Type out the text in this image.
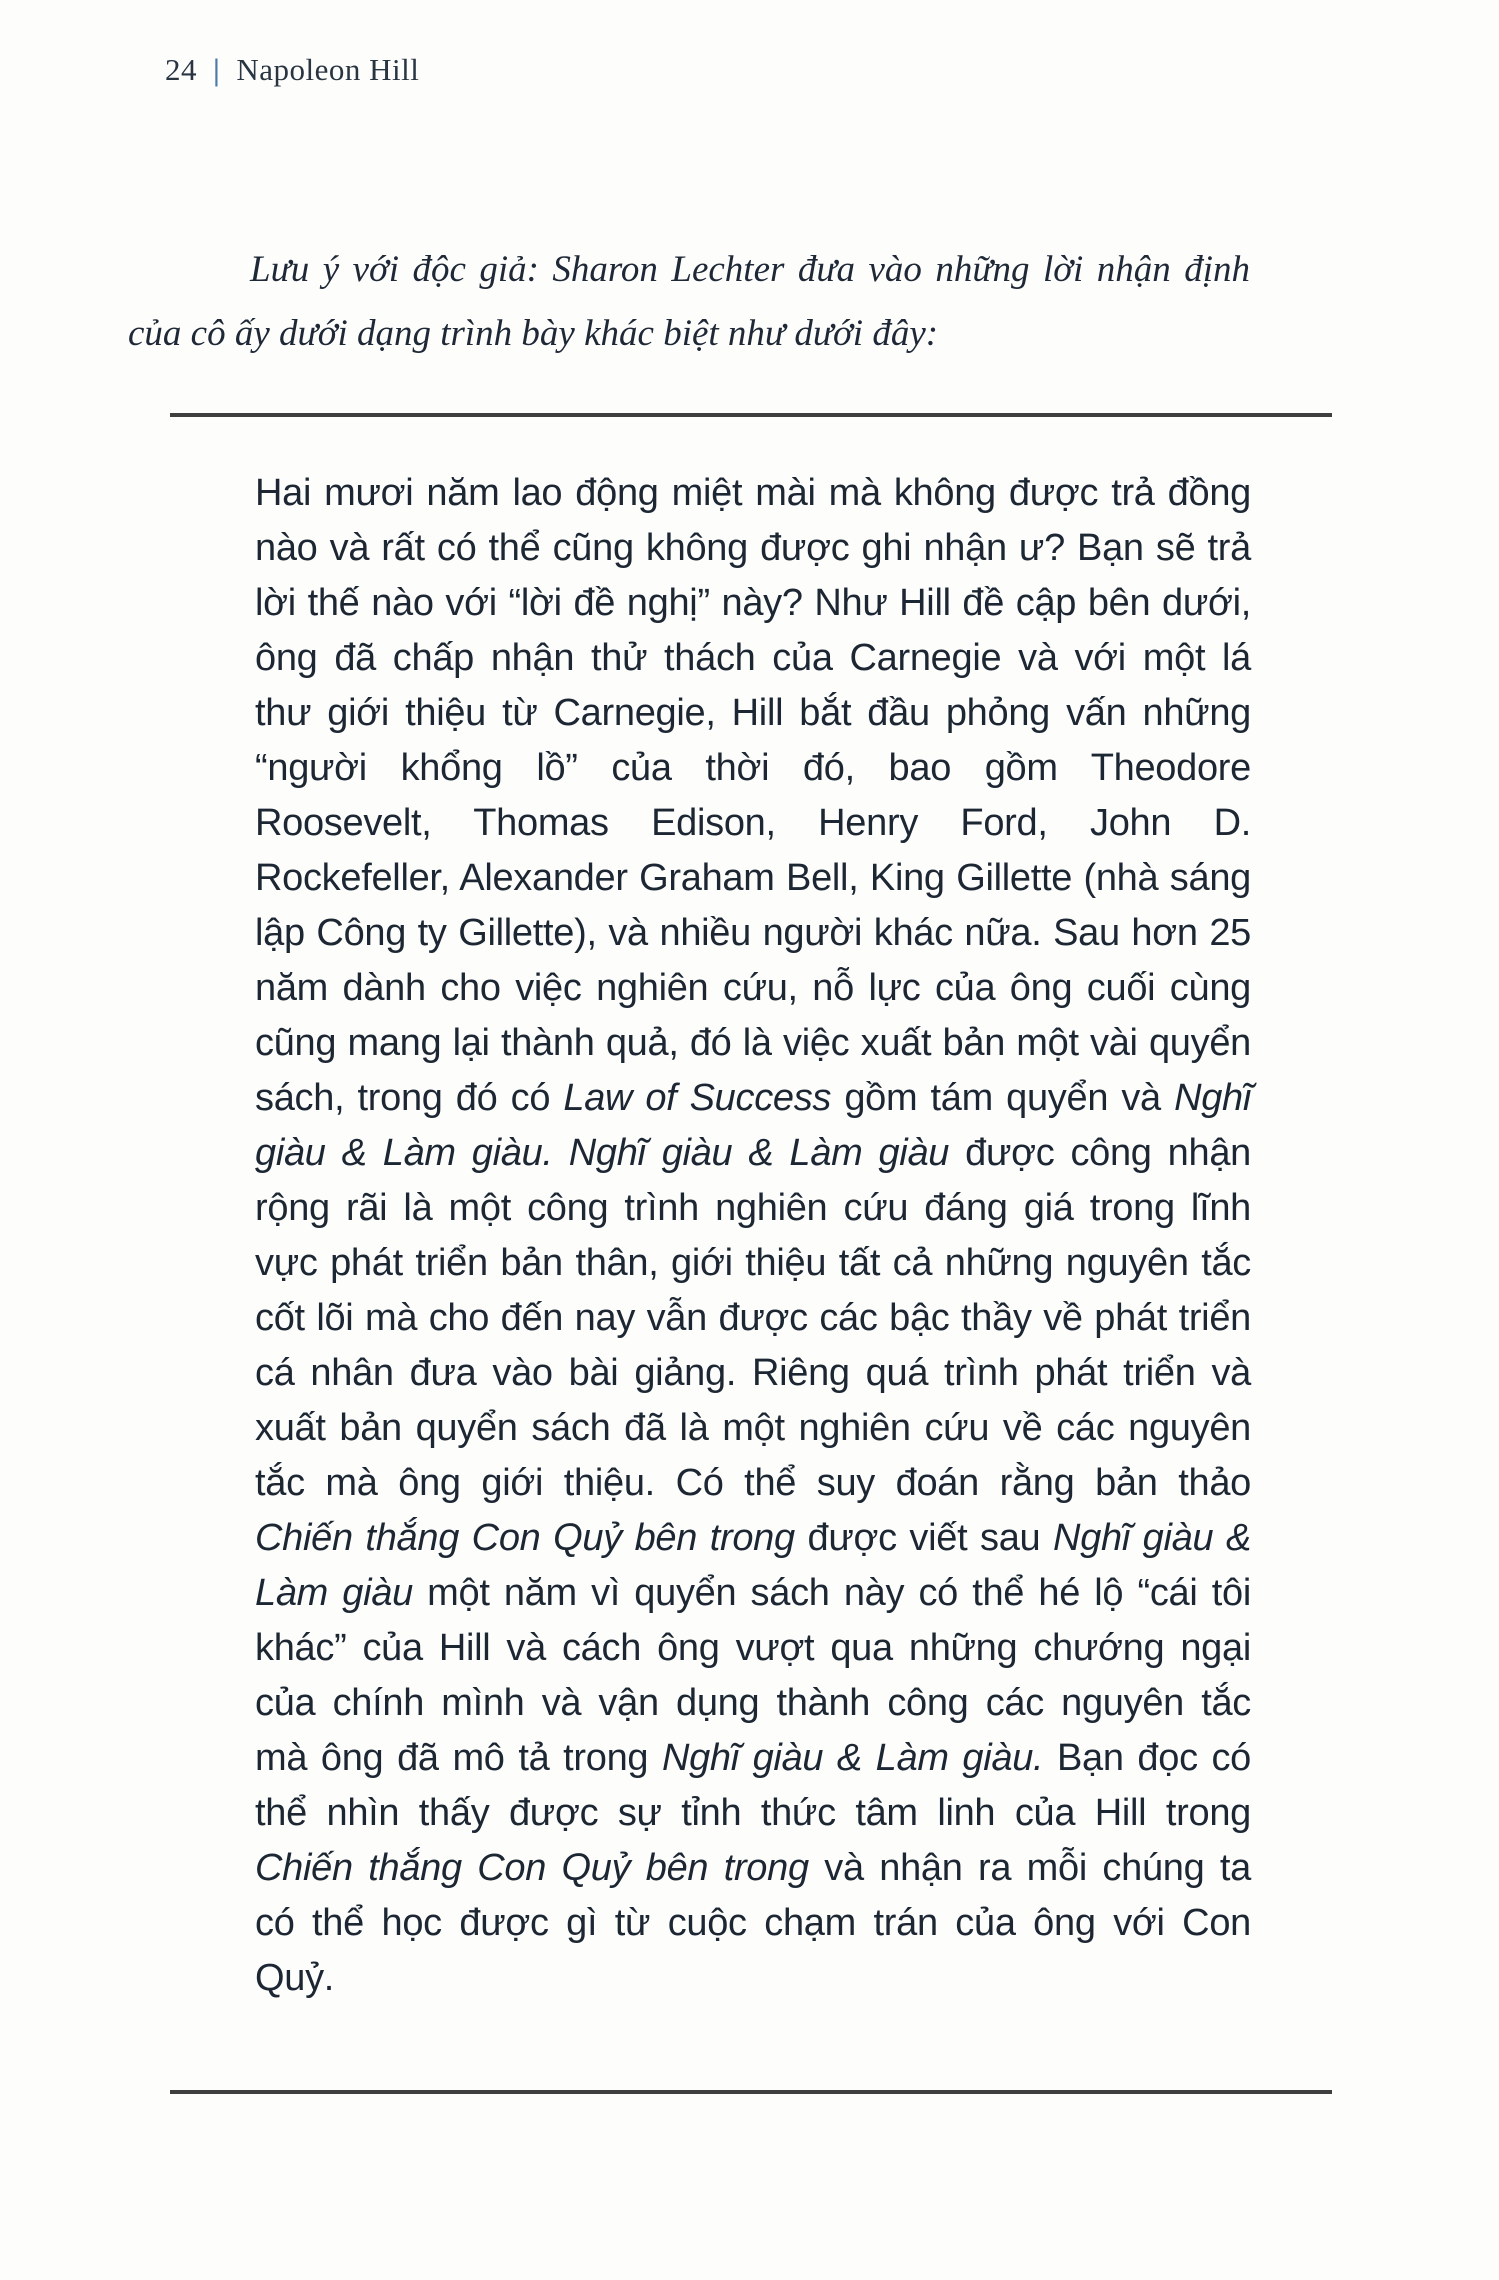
24 | Napoleon Hill

Lưu ý với độc giả: Sharon Lechter đưa vào những lời nhận định của cô ấy dưới dạng trình bày khác biệt như dưới đây:

Hai mươi năm lao động miệt mài mà không được trả đồng nào và rất có thể cũng không được ghi nhận ư? Bạn sẽ trả lời thế nào với “lời đề nghị” này? Như Hill đề cập bên dưới, ông đã chấp nhận thử thách của Carnegie và với một lá thư giới thiệu từ Carnegie, Hill bắt đầu phỏng vấn những “người khổng lồ” của thời đó, bao gồm Theodore Roosevelt, Thomas Edison, Henry Ford, John D. Rockefeller, Alexander Graham Bell, King Gillette (nhà sáng lập Công ty Gillette), và nhiều người khác nữa. Sau hơn 25 năm dành cho việc nghiên cứu, nỗ lực của ông cuối cùng cũng mang lại thành quả, đó là việc xuất bản một vài quyển sách, trong đó có Law of Success gồm tám quyển và Nghĩ giàu & Làm giàu. Nghĩ giàu & Làm giàu được công nhận rộng rãi là một công trình nghiên cứu đáng giá trong lĩnh vực phát triển bản thân, giới thiệu tất cả những nguyên tắc cốt lõi mà cho đến nay vẫn được các bậc thầy về phát triển cá nhân đưa vào bài giảng. Riêng quá trình phát triển và xuất bản quyển sách đã là một nghiên cứu về các nguyên tắc mà ông giới thiệu. Có thể suy đoán rằng bản thảo Chiến thắng Con Quỷ bên trong được viết sau Nghĩ giàu & Làm giàu một năm vì quyển sách này có thể hé lộ “cái tôi khác” của Hill và cách ông vượt qua những chướng ngại của chính mình và vận dụng thành công các nguyên tắc mà ông đã mô tả trong Nghĩ giàu & Làm giàu. Bạn đọc có thể nhìn thấy được sự tỉnh thức tâm linh của Hill trong Chiến thắng Con Quỷ bên trong và nhận ra mỗi chúng ta có thể học được gì từ cuộc chạm trán của ông với Con Quỷ.
